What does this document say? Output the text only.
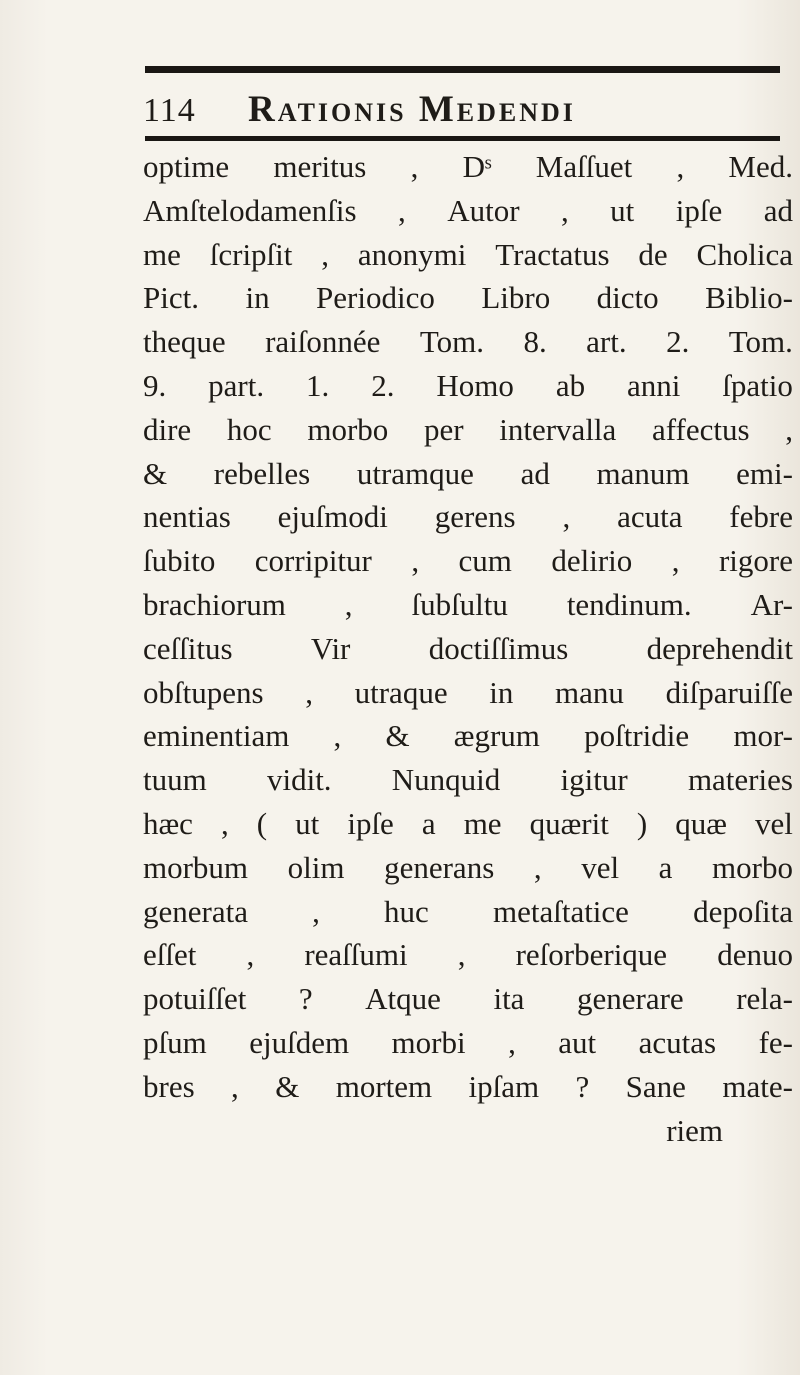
114	Rationis Medendi
optime meritus , Dˢ Maſſuet , Med.
Amſtelodamenſis , Autor , ut ipſe ad
me ſcripſit , anonymi Tractatus de Cholica
Pict. in Periodico Libro dicto Biblio-
theque raiſonnée Tom. 8. art. 2. Tom.
9. part. 1. 2. Homo ab anni ſpatio
dire hoc morbo per intervalla affectus ,
& rebelles utramque ad manum emi-
nentias ejuſmodi gerens , acuta febre
ſubito corripitur , cum delirio , rigore
brachiorum , ſubſultu tendinum. Ar-
ceſſitus	Vir	doctiſſimus	deprehendit
obſtupens , utraque in manu diſparuiſſe
eminentiam , & ægrum poſtridie mor-
tuum vidit. Nunquid igitur materies
hæc , ( ut ipſe a me quærit ) quæ vel
morbum olim generans , vel a morbo
generata , huc metaſtatice depoſita
eſſet , reaſſumi , reſorberique denuo
potuiſſet ? Atque ita generare rela-
pſum ejuſdem morbi , aut acutas fe-
bres , & mortem ipſam ? Sane mate-
riem
